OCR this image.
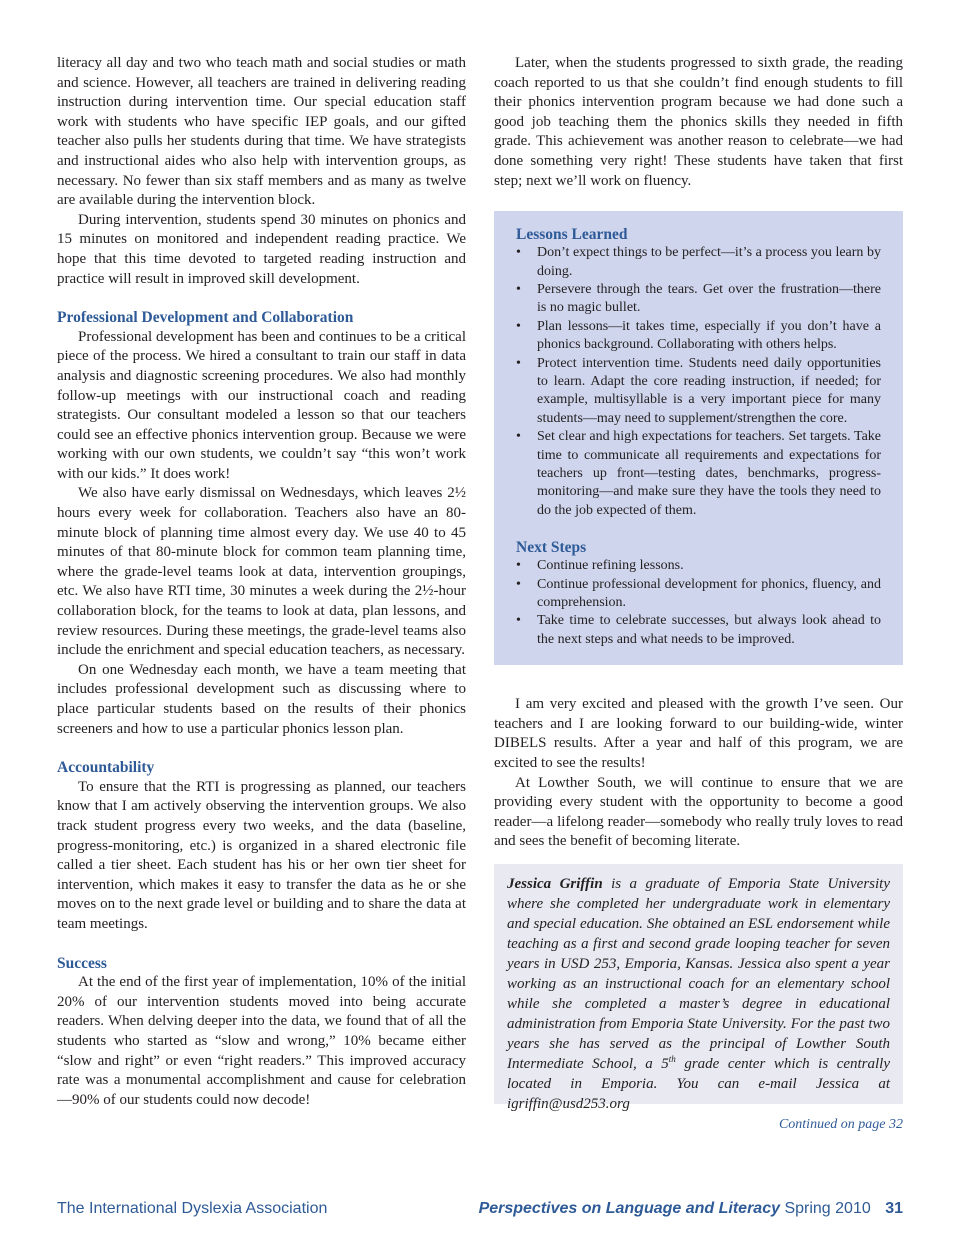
literacy all day and two who teach math and social studies or math and science. However, all teachers are trained in delivering reading instruction during intervention time. Our special education staff work with students who have specific IEP goals, and our gifted teacher also pulls her students during that time. We have strategists and instructional aides who also help with intervention groups, as necessary. No fewer than six staff members and as many as twelve are available during the intervention block.

During intervention, students spend 30 minutes on phonics and 15 minutes on monitored and independent reading practice. We hope that this time devoted to targeted reading instruction and practice will result in improved skill development.

Professional Development and Collaboration

Professional development has been and continues to be a critical piece of the process. We hired a consultant to train our staff in data analysis and diagnostic screening procedures. We also had monthly follow-up meetings with our instructional coach and reading strategists. Our consultant modeled a lesson so that our teachers could see an effective phonics intervention group. Because we were working with our own students, we couldn’t say “this won’t work with our kids.” It does work!

We also have early dismissal on Wednesdays, which leaves 2½ hours every week for collaboration. Teachers also have an 80-minute block of planning time almost every day. We use 40 to 45 minutes of that 80-minute block for common team planning time, where the grade-level teams look at data, intervention groupings, etc. We also have RTI time, 30 minutes a week during the 2½-hour collaboration block, for the teams to look at data, plan lessons, and review resources. During these meetings, the grade-level teams also include the enrichment and special education teachers, as necessary.

On one Wednesday each month, we have a team meeting that includes professional development such as discussing where to place particular students based on the results of their phonics screeners and how to use a particular phonics lesson plan.

Accountability

To ensure that the RTI is progressing as planned, our teachers know that I am actively observing the intervention groups. We also track student progress every two weeks, and the data (baseline, progress-monitoring, etc.) is organized in a shared electronic file called a tier sheet. Each student has his or her own tier sheet for intervention, which makes it easy to transfer the data as he or she moves on to the next grade level or building and to share the data at team meetings.

Success

At the end of the first year of implementation, 10% of the initial 20% of our intervention students moved into being accurate readers. When delving deeper into the data, we found that of all the students who started as “slow and wrong,” 10% became either “slow and right” or even “right readers.” This improved accuracy rate was a monumental accomplishment and cause for celebration—90% of our students could now decode!

Later, when the students progressed to sixth grade, the reading coach reported to us that she couldn’t find enough students to fill their phonics intervention program because we had done such a good job teaching them the phonics skills they needed in fifth grade. This achievement was another reason to celebrate—we had done something very right! These students have taken that first step; next we’ll work on fluency.

Lessons Learned
• Don’t expect things to be perfect—it’s a process you learn by doing.
• Persevere through the tears. Get over the frustration—there is no magic bullet.
• Plan lessons—it takes time, especially if you don’t have a phonics background. Collaborating with others helps.
• Protect intervention time. Students need daily opportunities to learn. Adapt the core reading instruction, if needed; for example, multisyllable is a very important piece for many students—may need to supplement/strengthen the core.
• Set clear and high expectations for teachers. Set targets. Take time to communicate all requirements and expectations for teachers up front—testing dates, benchmarks, progress-monitoring—and make sure they have the tools they need to do the job expected of them.
Next Steps
• Continue refining lessons.
• Continue professional development for phonics, fluency, and comprehension.
• Take time to celebrate successes, but always look ahead to the next steps and what needs to be improved.

I am very excited and pleased with the growth I’ve seen. Our teachers and I are looking forward to our building-wide, winter DIBELS results. After a year and half of this program, we are excited to see the results!

At Lowther South, we will continue to ensure that we are providing every student with the opportunity to become a good reader—a lifelong reader—somebody who really truly loves to read and sees the benefit of becoming literate.

Jessica Griffin is a graduate of Emporia State University where she completed her undergraduate work in elementary and special education. She obtained an ESL endorsement while teaching as a first and second grade looping teacher for seven years in USD 253, Emporia, Kansas. Jessica also spent a year working as an instructional coach for an elementary school while she completed a master’s degree in educational administration from Emporia State University. For the past two years she has served as the principal of Lowther South Intermediate School, a 5th grade center which is centrally located in Emporia. You can e-mail Jessica at igriffin@usd253.org
Continued on page 32
The International Dyslexia Association	Perspectives on Language and Literacy Spring 2010 31
